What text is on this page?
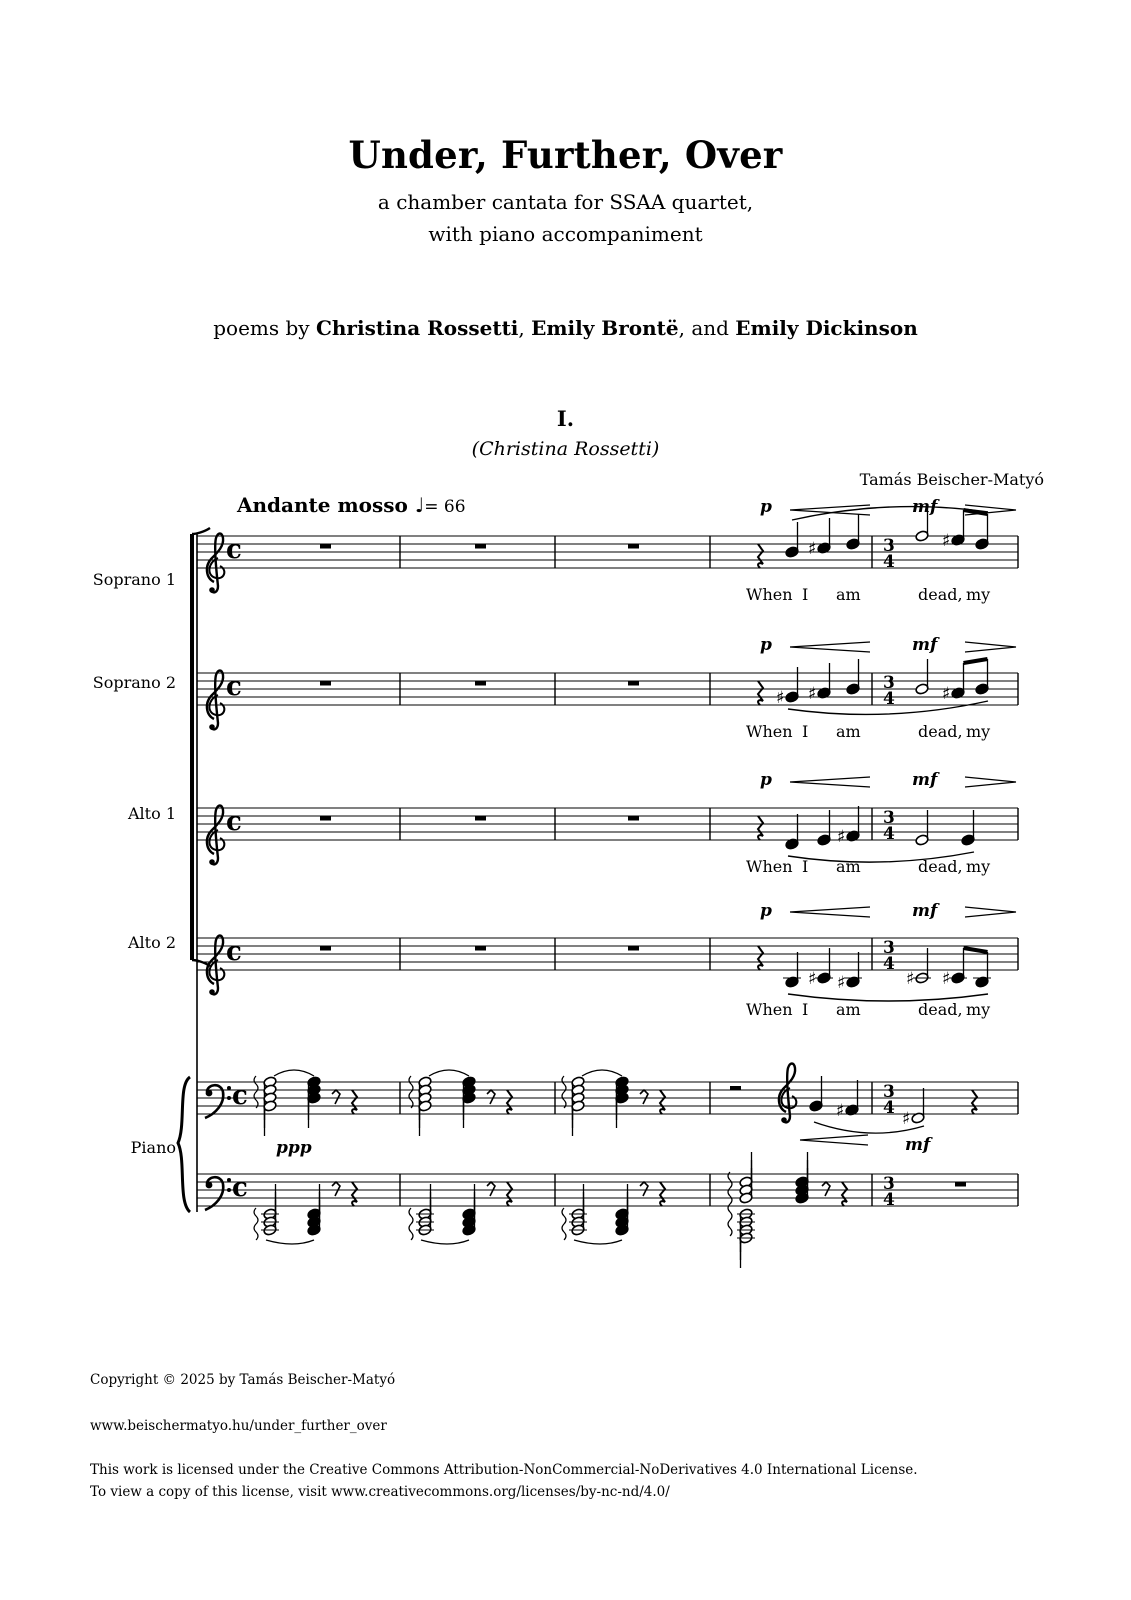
Under, Further, Over
a chamber cantata for SSAA quartet,
with piano accompaniment
poems by Christina Rossetti, Emily Brontë, and Emily Dickinson
I.
(Christina Rossetti)
Tamás Beischer-Matyó
Andante mosso ♩= 66
Soprano 1
Soprano 2
Alto 1
Alto 2
Piano
c	3
4
♯	♯
c	3
4
♯ ♯	♯
c	3
4
♯
c	3
4
♯ ♯	♯ ♯
c	3
4
♯	♯
c	3
4
When I am	dead, my
When I am	dead, my
When I am	dead, my
When I am	dead, my
p	mf
p	mf
p	mf
p	mf
ppp	mf
Copyright © 2025 by Tamás Beischer-Matyó
www.beischermatyo.hu/under_further_over
This work is licensed under the Creative Commons Attribution-NonCommercial-NoDerivatives 4.0 International License.
To view a copy of this license, visit www.creativecommons.org/licenses/by-nc-nd/4.0/
